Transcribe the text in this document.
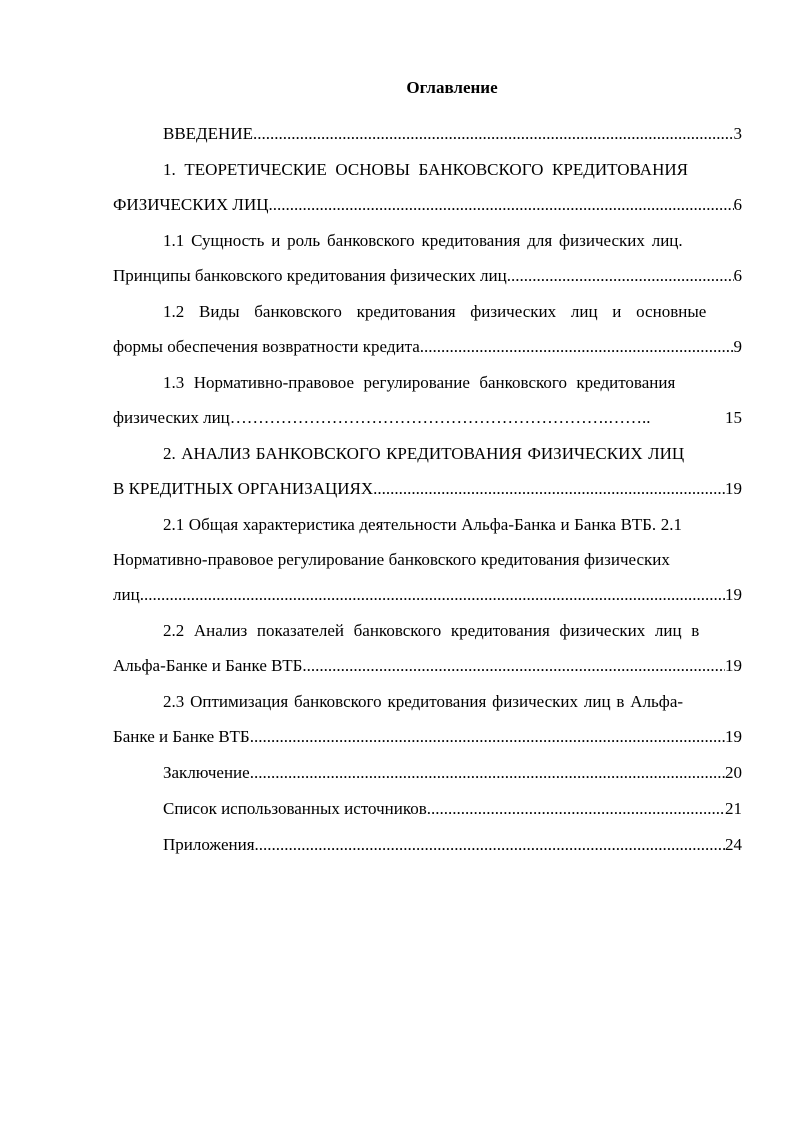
Оглавление
ВВЕДЕНИЕ .....	3
1. ТЕОРЕТИЧЕСКИЕ ОСНОВЫ БАНКОВСКОГО КРЕДИТОВАНИЯ
ФИЗИЧЕСКИХ ЛИЦ .....	6
1.1 Сущность и роль банковского кредитования для физических лиц.
Принципы банковского кредитования физических лиц .....	6
1.2 Виды банковского кредитования физических лиц и основные
формы обеспечения возвратности кредита .....	9
1.3 Нормативно-правовое регулирование банковского кредитования
физических лиц………………………………………………………….……..	15
2. АНАЛИЗ БАНКОВСКОГО КРЕДИТОВАНИЯ ФИЗИЧЕСКИХ ЛИЦ
В КРЕДИТНЫХ ОРГАНИЗАЦИЯХ .....	19
2.1 Общая характеристика деятельности Альфа-Банка и Банка ВТБ. 2.1
Нормативно-правовое регулирование банковского кредитования физических
лиц .....	19
2.2 Анализ показателей банковского кредитования физических лиц в
Альфа-Банке и Банке ВТБ .....	19
2.3 Оптимизация банковского кредитования физических лиц в Альфа-
Банке и Банке ВТБ .....	19
Заключение .....	20
Список использованных источников .....	21
Приложения .....	24
